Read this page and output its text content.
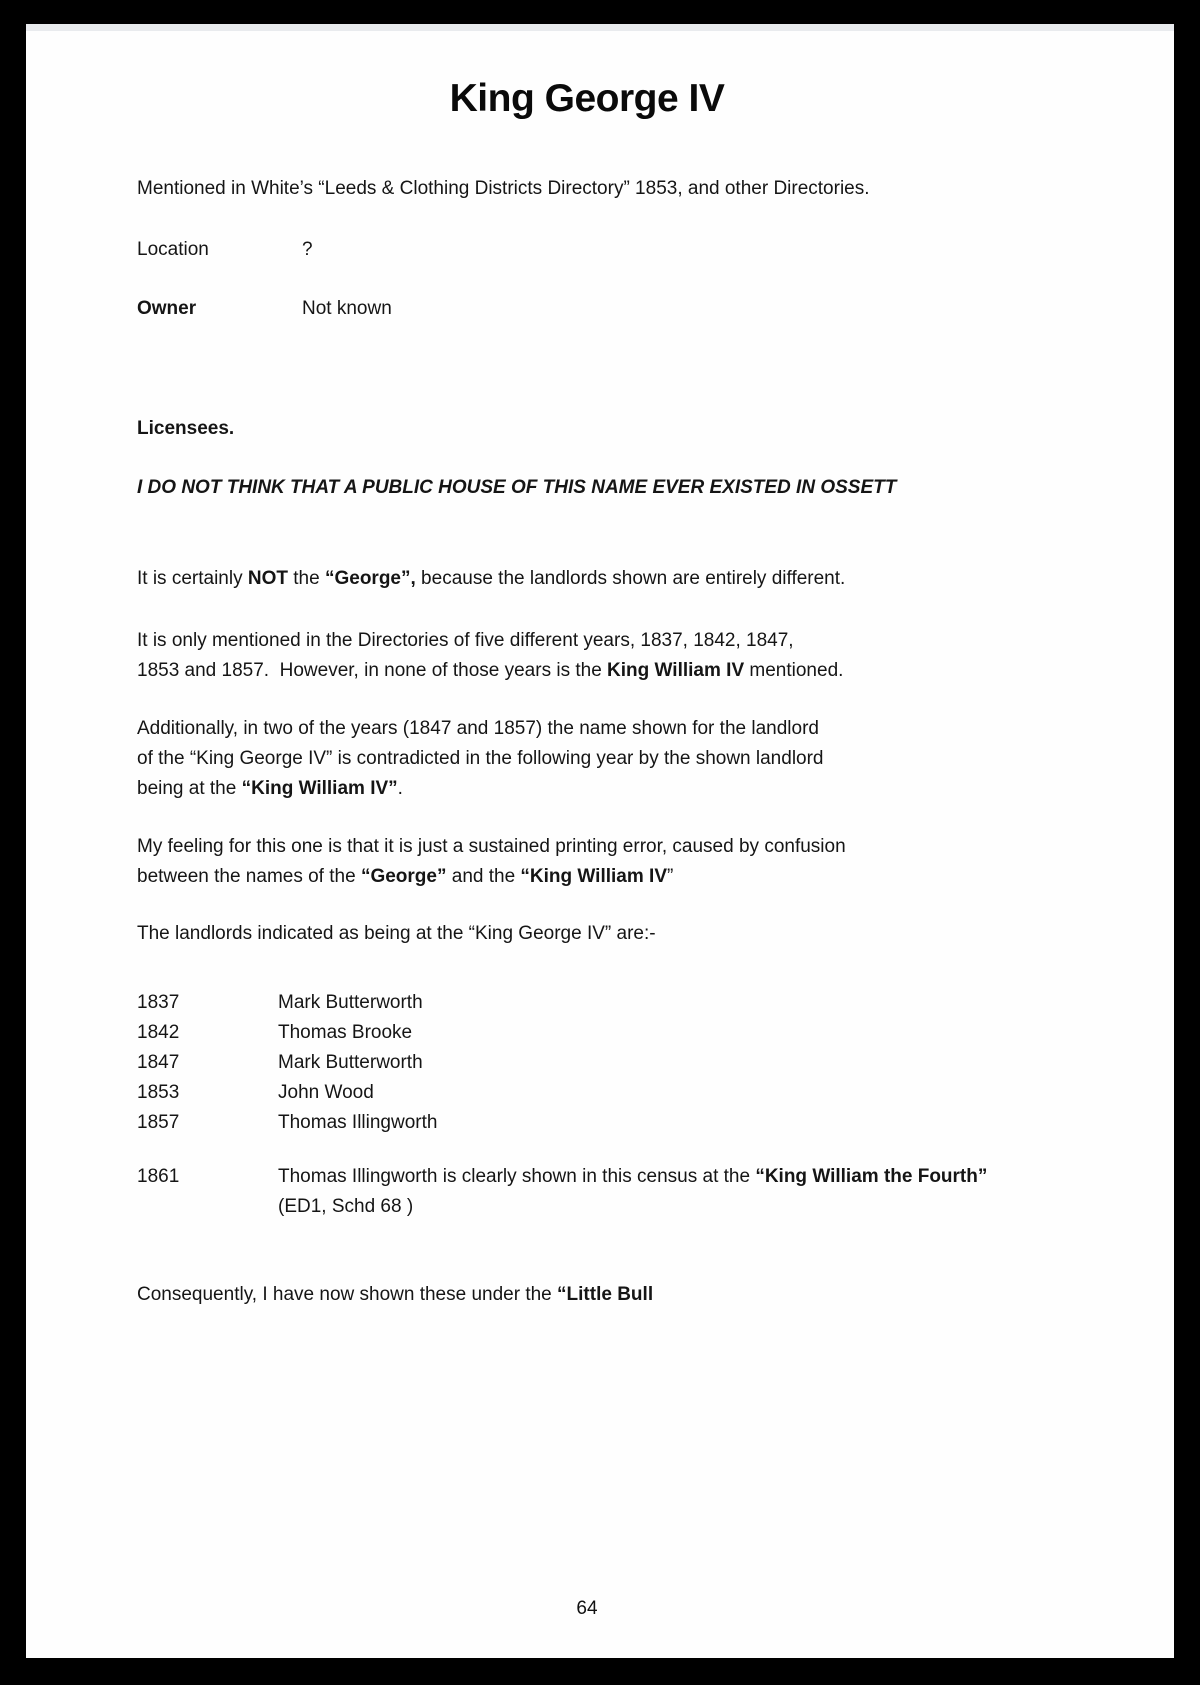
King George IV
Mentioned in White’s “Leeds & Clothing Districts Directory” 1853, and other Directories.
Location	?
Owner	Not known
Licensees.
I DO NOT THINK THAT A PUBLIC HOUSE OF THIS NAME EVER EXISTED IN OSSETT
It is certainly NOT the “George”, because the landlords shown are entirely different.
It is only mentioned in the Directories of five different years, 1837, 1842, 1847,
1853 and 1857.  However, in none of those years is the King William IV mentioned.
Additionally, in two of the years (1847 and 1857) the name shown for the landlord
of the “King George IV” is contradicted in the following year by the shown landlord
being at the “King William IV”.
My feeling for this one is that it is just a sustained printing error, caused by confusion
between the names of the “George” and the “King William IV”
The landlords indicated as being at the “King George IV” are:-
1837	Mark Butterworth
1842	Thomas Brooke
1847	Mark Butterworth
1853	John Wood
1857	Thomas Illingworth
1861	Thomas Illingworth is clearly shown in this census at the “King William the Fourth”
(ED1, Schd 68 )
Consequently, I have now shown these under the “Little Bull
64
